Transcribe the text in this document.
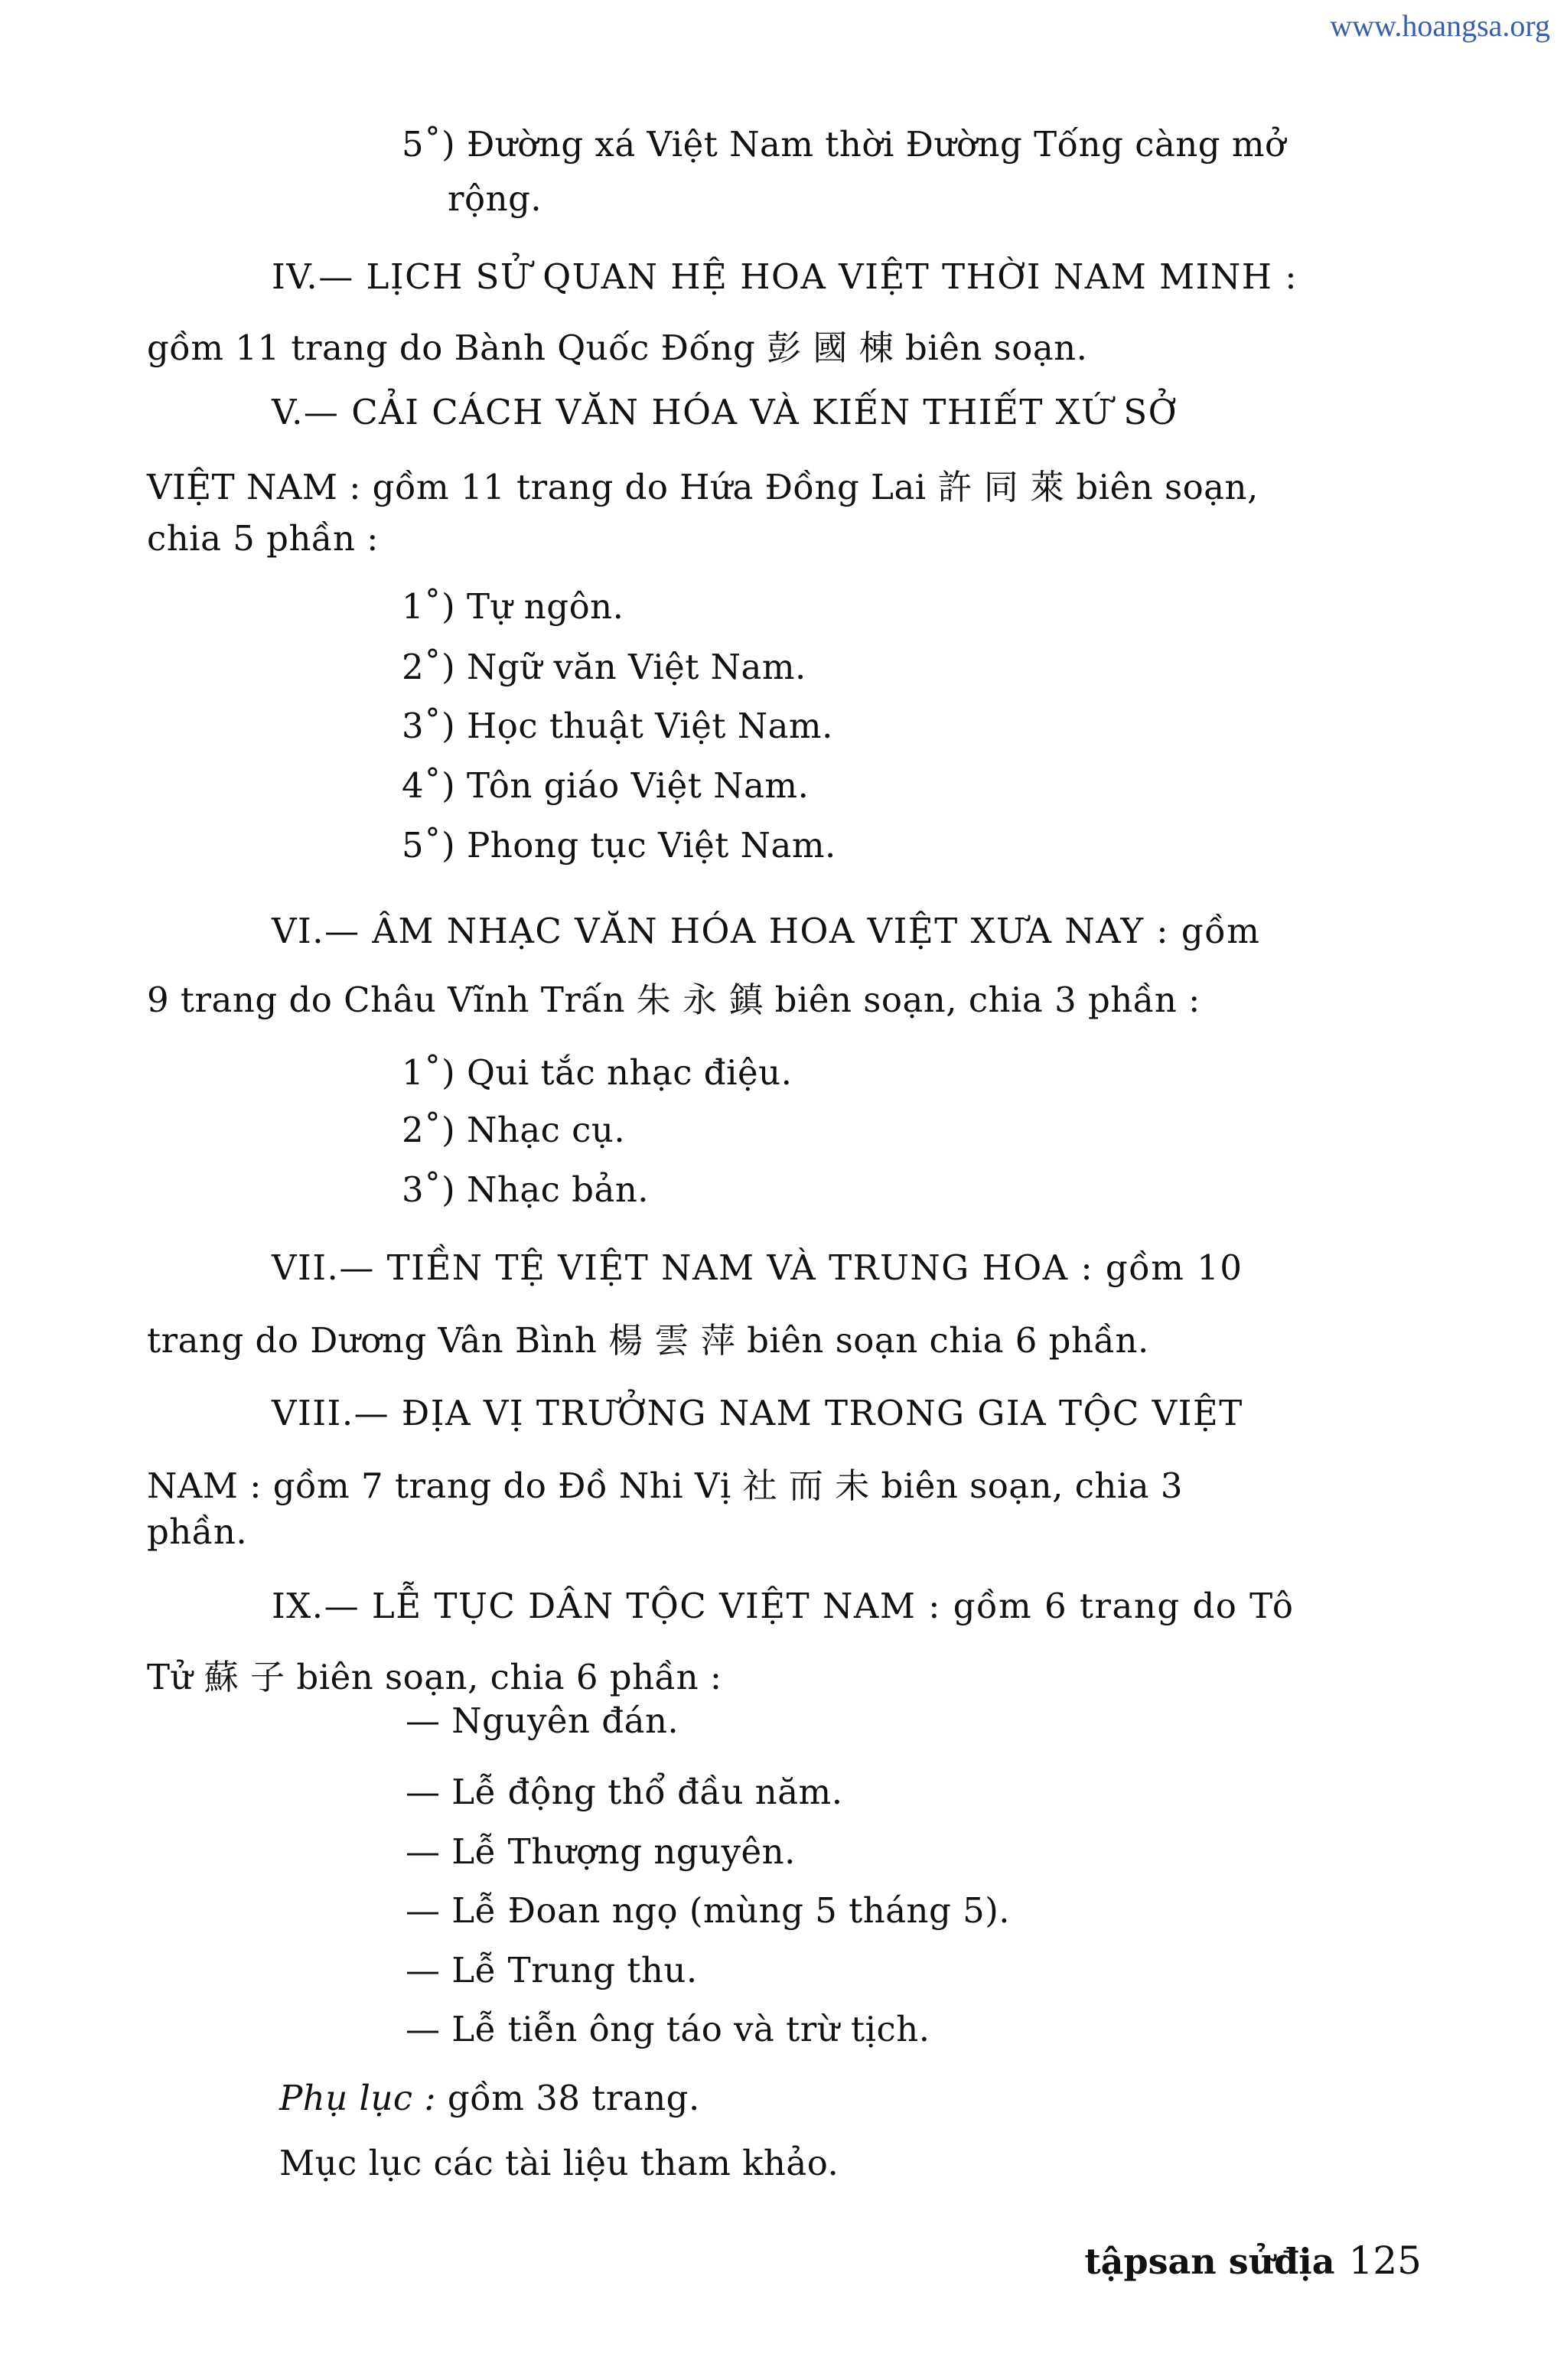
www.hoangsa.org
5˚) Đường xá Việt Nam thời Đường Tống càng mở
rộng.
IV.— LỊCH SỬ QUAN HỆ HOA VIỆT THỜI NAM MINH :
gồm 11 trang do Bành Quốc Đống 彭 國 棟 biên soạn.
V.— CẢI CÁCH VĂN HÓA VÀ KIẾN THIẾT XỨ SỞ
VIỆT NAM : gồm 11 trang do Hứa Đồng Lai 許 同 萊 biên soạn,
chia 5 phần :
1˚) Tự ngôn.
2˚) Ngữ văn Việt Nam.
3˚) Học thuật Việt Nam.
4˚) Tôn giáo Việt Nam.
5˚) Phong tục Việt Nam.
VI.— ÂM NHẠC VĂN HÓA HOA VIỆT XƯA NAY : gồm
9 trang do Châu Vĩnh Trấn 朱 永 鎮 biên soạn, chia 3 phần :
1˚) Qui tắc nhạc điệu.
2˚) Nhạc cụ.
3˚) Nhạc bản.
VII.— TIỀN TỆ VIỆT NAM VÀ TRUNG HOA : gồm 10
trang do Dương Vân Bình 楊 雲 萍 biên soạn chia 6 phần.
VIII.— ĐỊA VỊ TRƯỞNG NAM TRONG GIA TỘC VIỆT
NAM : gồm 7 trang do Đồ Nhi Vị 社 而 未 biên soạn, chia 3
phần.
IX.— LỄ TỤC DÂN TỘC VIỆT NAM : gồm 6 trang do Tô
Tử 蘇 子 biên soạn, chia 6 phần :
— Nguyên đán.
— Lễ động thổ đầu năm.
— Lễ Thượng nguyên.
— Lễ Đoan ngọ (mùng 5 tháng 5).
— Lễ Trung thu.
— Lễ tiễn ông táo và trừ tịch.
Phụ lục : gồm 38 trang.
Mục lục các tài liệu tham khảo.
tậpsan sửđịa 125
